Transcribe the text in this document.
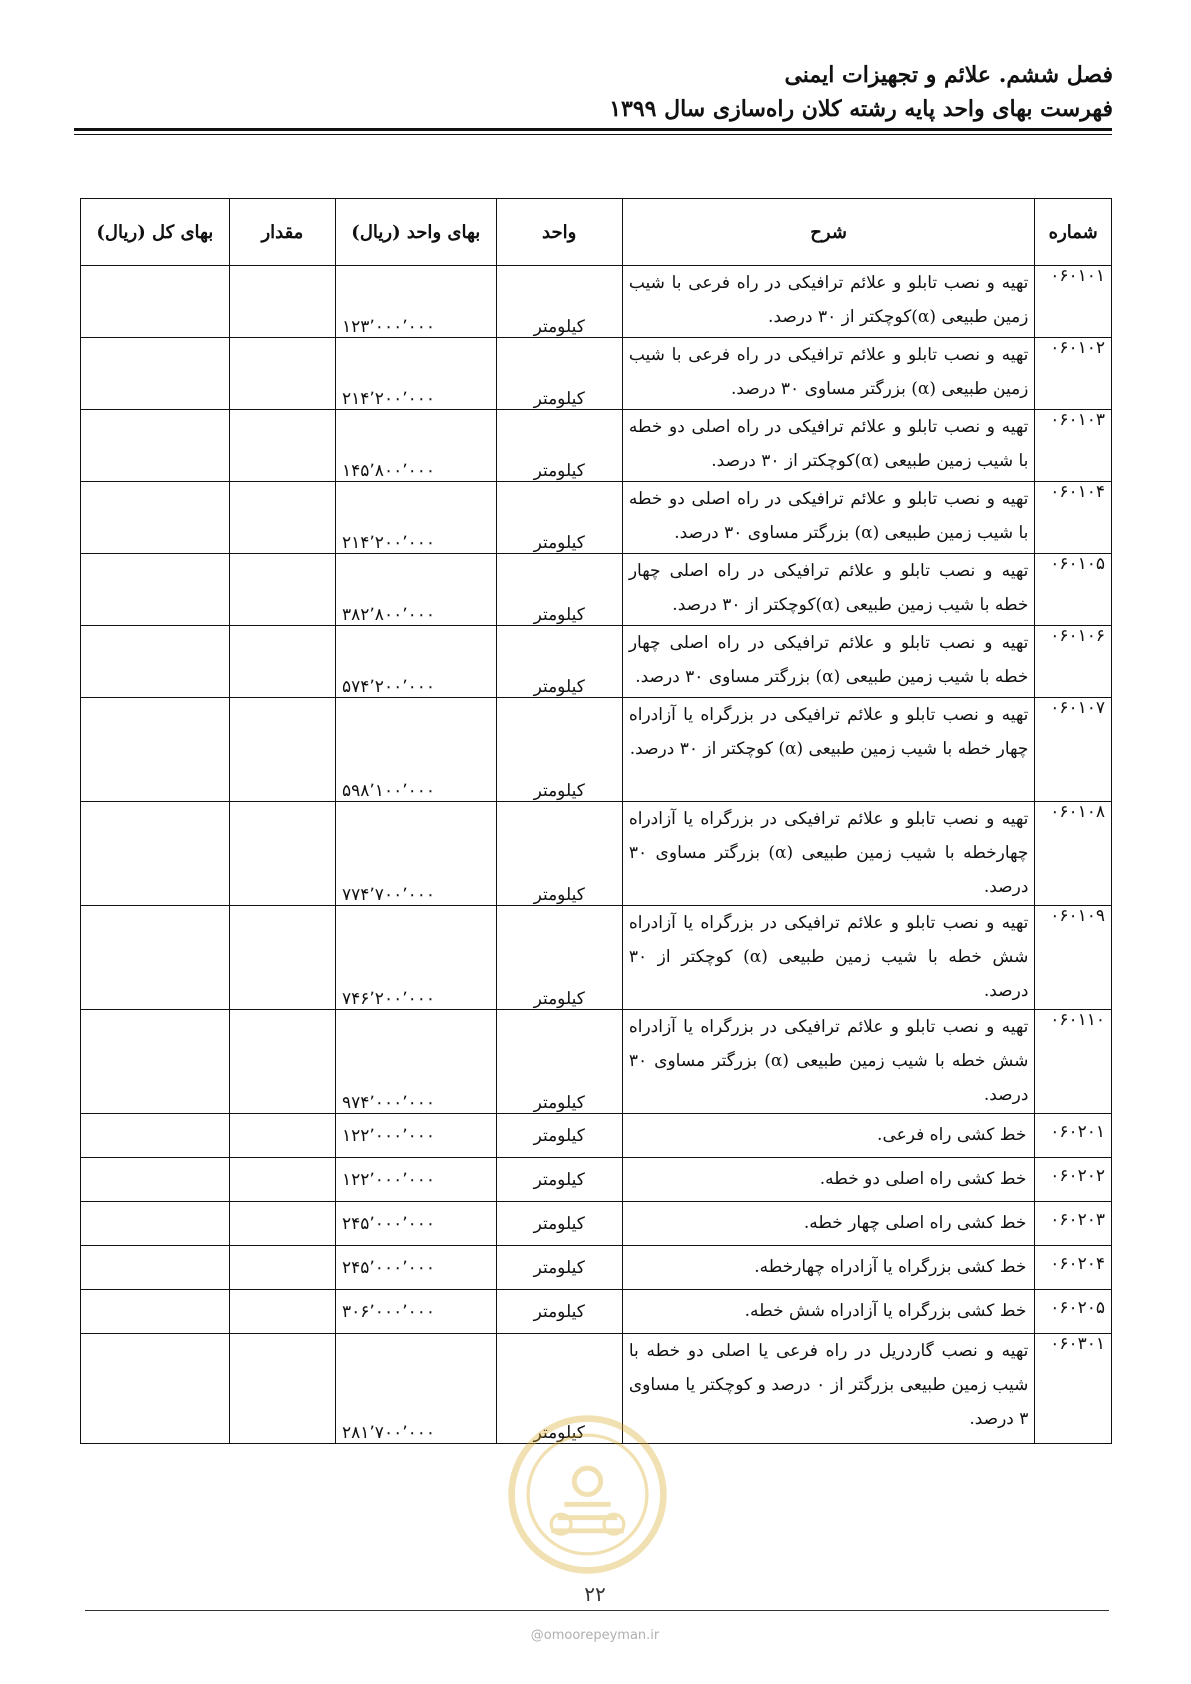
فصل ششم. علائم و تجهیزات ایمنی
فهرست بهای واحد پایه رشته کلان راه‌سازی سال ۱۳۹۹
شماره	شرح	واحد	بهای واحد (ریال)	مقدار	بهای کل (ریال)
۰۶۰۱۰۱	تهیه و نصب تابلو و علائم ترافیکی در راه فرعی با شیب زمین طبیعی (α)کوچکتر از ۳۰ درصد.	کیلومتر	۱۲۳٬۰۰۰٬۰۰۰		
۰۶۰۱۰۲	تهیه و نصب تابلو و علائم ترافیکی در راه فرعی با شیب زمین طبیعی (α) بزرگتر مساوی ۳۰ درصد.	کیلومتر	۲۱۴٬۲۰۰٬۰۰۰		
۰۶۰۱۰۳	تهیه و نصب تابلو و علائم ترافیکی در راه اصلی دو خطه با شیب زمین طبیعی (α)کوچکتر از ۳۰ درصد.	کیلومتر	۱۴۵٬۸۰۰٬۰۰۰		
۰۶۰۱۰۴	تهیه و نصب تابلو و علائم ترافیکی در راه اصلی دو خطه با شیب زمین طبیعی (α) بزرگتر مساوی ۳۰ درصد.	کیلومتر	۲۱۴٬۲۰۰٬۰۰۰		
۰۶۰۱۰۵	تهیه و نصب تابلو و علائم ترافیکی در راه اصلی چهار خطه با شیب زمین طبیعی (α)کوچکتر از ۳۰ درصد.	کیلومتر	۳۸۲٬۸۰۰٬۰۰۰		
۰۶۰۱۰۶	تهیه و نصب تابلو و علائم ترافیکی در راه اصلی چهار خطه با شیب زمین طبیعی (α) بزرگتر مساوی ۳۰ درصد.	کیلومتر	۵۷۴٬۲۰۰٬۰۰۰		
۰۶۰۱۰۷	تهیه و نصب تابلو و علائم ترافیکی در بزرگراه یا آزادراه چهار خطه با شیب زمین طبیعی (α) کوچکتر از ۳۰ درصد.	کیلومتر	۵۹۸٬۱۰۰٬۰۰۰		
۰۶۰۱۰۸	تهیه و نصب تابلو و علائم ترافیکی در بزرگراه یا آزادراه چهارخطه با شیب زمین طبیعی (α) بزرگتر مساوی ۳۰ درصد.	کیلومتر	۷۷۴٬۷۰۰٬۰۰۰		
۰۶۰۱۰۹	تهیه و نصب تابلو و علائم ترافیکی در بزرگراه یا آزادراه شش خطه با شیب زمین طبیعی (α) کوچکتر از ۳۰ درصد.	کیلومتر	۷۴۶٬۲۰۰٬۰۰۰		
۰۶۰۱۱۰	تهیه و نصب تابلو و علائم ترافیکی در بزرگراه یا آزادراه شش خطه با شیب زمین طبیعی (α) بزرگتر مساوی ۳۰ درصد.	کیلومتر	۹۷۴٬۰۰۰٬۰۰۰		
۰۶۰۲۰۱	خط کشی راه فرعی.	کیلومتر	۱۲۲٬۰۰۰٬۰۰۰		
۰۶۰۲۰۲	خط کشی راه اصلی دو خطه.	کیلومتر	۱۲۲٬۰۰۰٬۰۰۰		
۰۶۰۲۰۳	خط کشی راه اصلی چهار خطه.	کیلومتر	۲۴۵٬۰۰۰٬۰۰۰		
۰۶۰۲۰۴	خط کشی بزرگراه یا آزادراه چهارخطه.	کیلومتر	۲۴۵٬۰۰۰٬۰۰۰		
۰۶۰۲۰۵	خط کشی بزرگراه یا آزادراه شش خطه.	کیلومتر	۳۰۶٬۰۰۰٬۰۰۰		
۰۶۰۳۰۱	تهیه و نصب گاردریل در راه فرعی یا اصلی دو خطه با شیب زمین طبیعی بزرگتر از ۰ درصد و کوچکتر یا مساوی ۳ درصد.	کیلومتر	۲۸۱٬۷۰۰٬۰۰۰		
۲۲
@omoorepeyman.ir
